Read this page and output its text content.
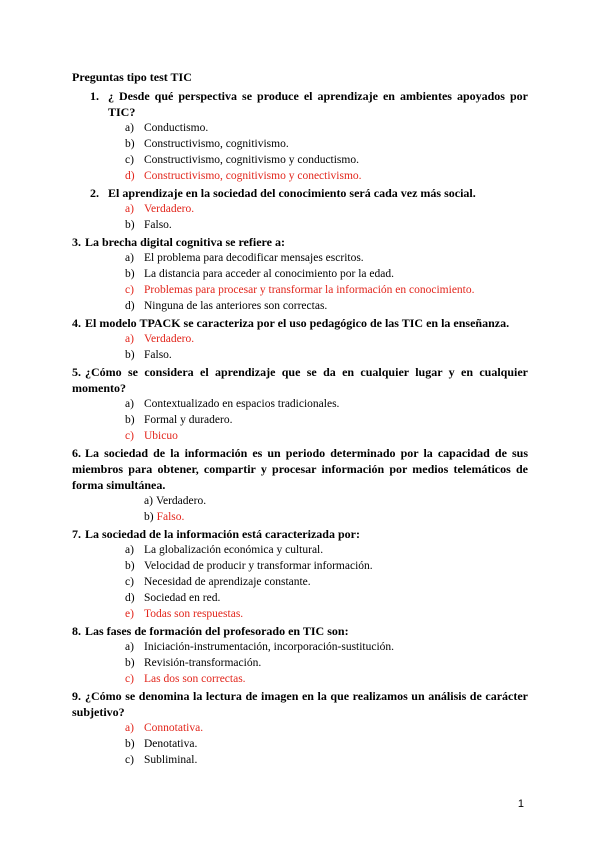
Preguntas tipo test TIC
1. ¿ Desde qué perspectiva se produce el aprendizaje en ambientes apoyados por TIC?
a) Conductismo.
b) Constructivismo, cognitivismo.
c) Constructivismo, cognitivismo y conductismo.
d) Constructivismo, cognitivismo y conectivismo.
2. El aprendizaje en la sociedad del conocimiento será cada vez más social.
a) Verdadero.
b) Falso.
3. La brecha digital cognitiva se refiere a:
a) El problema para decodificar mensajes escritos.
b) La distancia para acceder al conocimiento por la edad.
c) Problemas para procesar y transformar la información en conocimiento.
d) Ninguna de las anteriores son correctas.
4. El modelo TPACK se caracteriza por el uso pedagógico de las TIC en la enseñanza.
a) Verdadero.
b) Falso.
5. ¿Cómo se considera el aprendizaje que se da en cualquier lugar y en cualquier momento?
a) Contextualizado en espacios tradicionales.
b) Formal y duradero.
c) Ubicuo
6. La sociedad de la información es un periodo determinado por la capacidad de sus miembros para obtener, compartir y procesar información por medios telemáticos de forma simultánea.
a) Verdadero.
b) Falso.
7. La sociedad de la información está caracterizada por:
a) La globalización económica y cultural.
b) Velocidad de producir y transformar información.
c) Necesidad de aprendizaje constante.
d) Sociedad en red.
e) Todas son respuestas.
8. Las fases de formación del profesorado en TIC son:
a) Iniciación-instrumentación, incorporación-sustitución.
b) Revisión-transformación.
c) Las dos son correctas.
9. ¿Cómo se denomina la lectura de imagen en la que realizamos un análisis de carácter subjetivo?
a) Connotativa.
b) Denotativa.
c) Subliminal.
1
